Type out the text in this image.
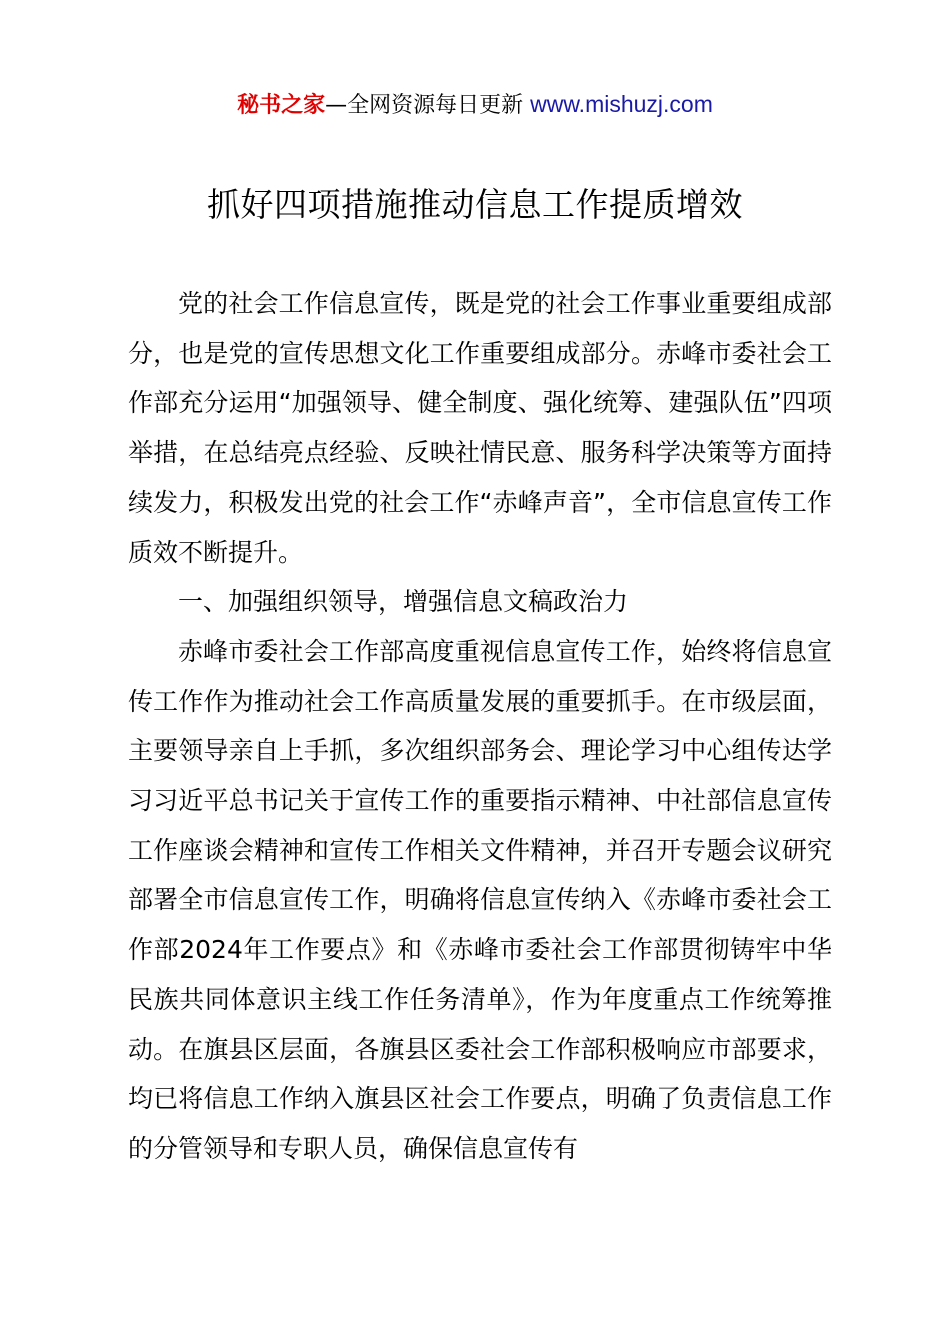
秘书之家—全网资源每日更新 www.mishuzj.com
抓好四项措施推动信息工作提质增效

党的社会工作信息宣传，既是党的社会工作事业重要组成部分，也是党的宣传思想文化工作重要组成部分。赤峰市委社会工作部充分运用“加强领导、健全制度、强化统筹、建强队伍”四项举措，在总结亮点经验、反映社情民意、服务科学决策等方面持续发力，积极发出党的社会工作“赤峰声音”，全市信息宣传工作质效不断提升。

一、加强组织领导，增强信息文稿政治力

赤峰市委社会工作部高度重视信息宣传工作，始终将信息宣传工作作为推动社会工作高质量发展的重要抓手。在市级层面，主要领导亲自上手抓，多次组织部务会、理论学习中心组传达学习习近平总书记关于宣传工作的重要指示精神、中社部信息宣传工作座谈会精神和宣传工作相关文件精神，并召开专题会议研究部署全市信息宣传工作，明确将信息宣传纳入《赤峰市委社会工作部2024年工作要点》和《赤峰市委社会工作部贯彻铸牢中华民族共同体意识主线工作任务清单》，作为年度重点工作统筹推动。在旗县区层面，各旗县区委社会工作部积极响应市部要求，均已将信息工作纳入旗县区社会工作要点，明确了负责信息工作的分管领导和专职人员，确保信息宣传有
